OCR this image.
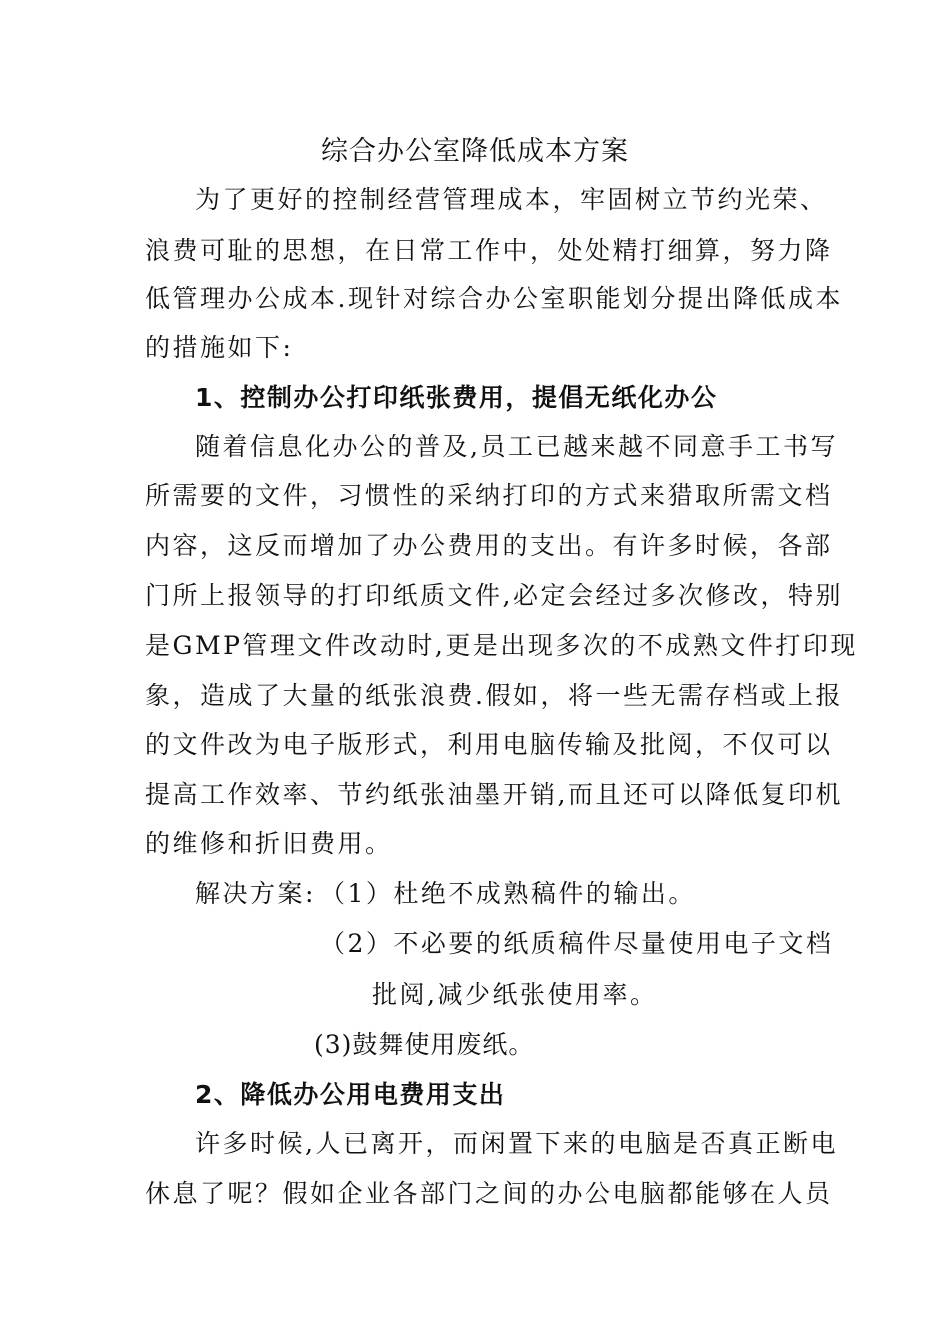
综合办公室降低成本方案
为了更好的控制经营管理成本，牢固树立节约光荣、
浪费可耻的思想，在日常工作中，处处精打细算，努力降
低管理办公成本.现针对综合办公室职能划分提出降低成本
的措施如下:
1、控制办公打印纸张费用，提倡无纸化办公
随着信息化办公的普及,员工已越来越不同意手工书写
所需要的文件，习惯性的采纳打印的方式来猎取所需文档
内容，这反而增加了办公费用的支出。有许多时候，各部
门所上报领导的打印纸质文件,必定会经过多次修改，特别
是GMP管理文件改动时,更是出现多次的不成熟文件打印现
象，造成了大量的纸张浪费.假如，将一些无需存档或上报
的文件改为电子版形式，利用电脑传输及批阅，不仅可以
提高工作效率、节约纸张油墨开销,而且还可以降低复印机
的维修和折旧费用。
解决方案: （1）杜绝不成熟稿件的输出。
（2）不必要的纸质稿件尽量使用电子文档
批阅,减少纸张使用率。
(3)鼓舞使用废纸。
2、降低办公用电费用支出
许多时候,人已离开，而闲置下来的电脑是否真正断电
休息了呢？假如企业各部门之间的办公电脑都能够在人员
